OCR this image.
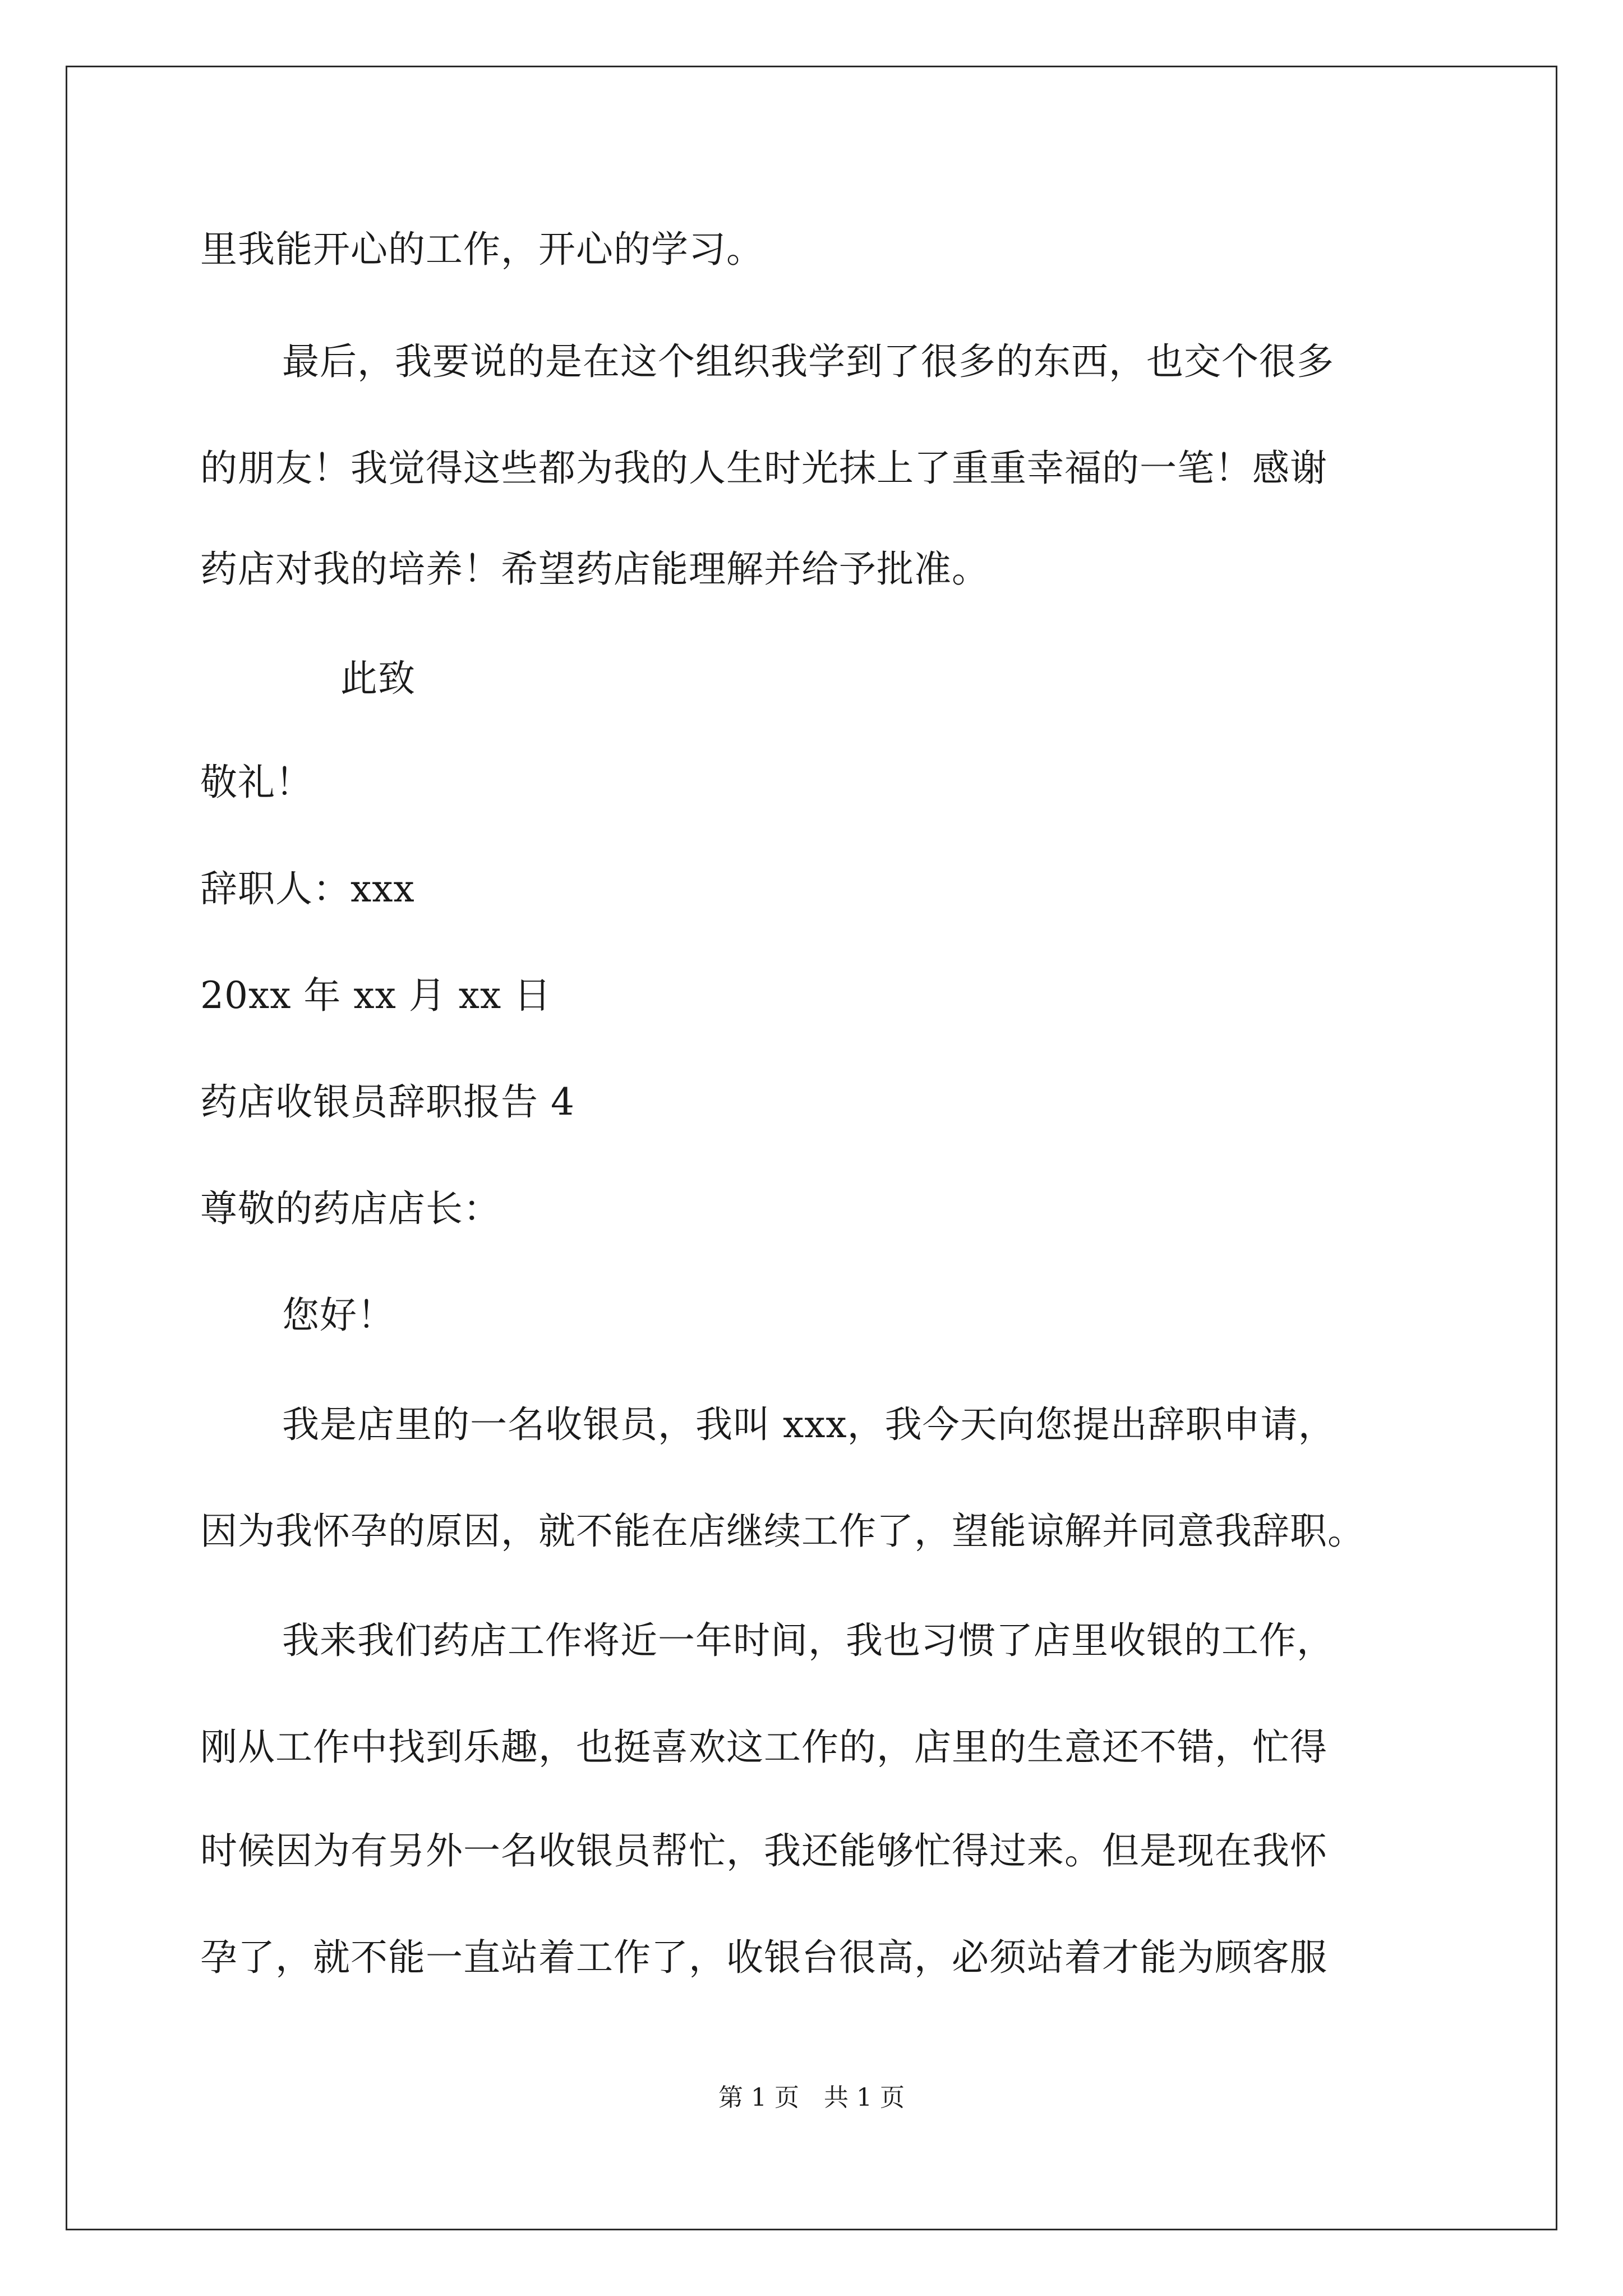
里我能开心的工作，开心的学习。
最后，我要说的是在这个组织我学到了很多的东西，也交个很多
的朋友！我觉得这些都为我的人生时光抹上了重重幸福的一笔！感谢
药店对我的培养！希望药店能理解并给予批准。
此致
敬礼！
辞职人：xxx
20xx 年 xx 月 xx 日
药店收银员辞职报告 4
尊敬的药店店长：
您好！
我是店里的一名收银员，我叫 xxx，我今天向您提出辞职申请，
因为我怀孕的原因，就不能在店继续工作了，望能谅解并同意我辞职。
我来我们药店工作将近一年时间，我也习惯了店里收银的工作，
刚从工作中找到乐趣，也挺喜欢这工作的，店里的生意还不错，忙得
时候因为有另外一名收银员帮忙，我还能够忙得过来。但是现在我怀
孕了，就不能一直站着工作了，收银台很高，必须站着才能为顾客服
第 1 页　共 1 页
